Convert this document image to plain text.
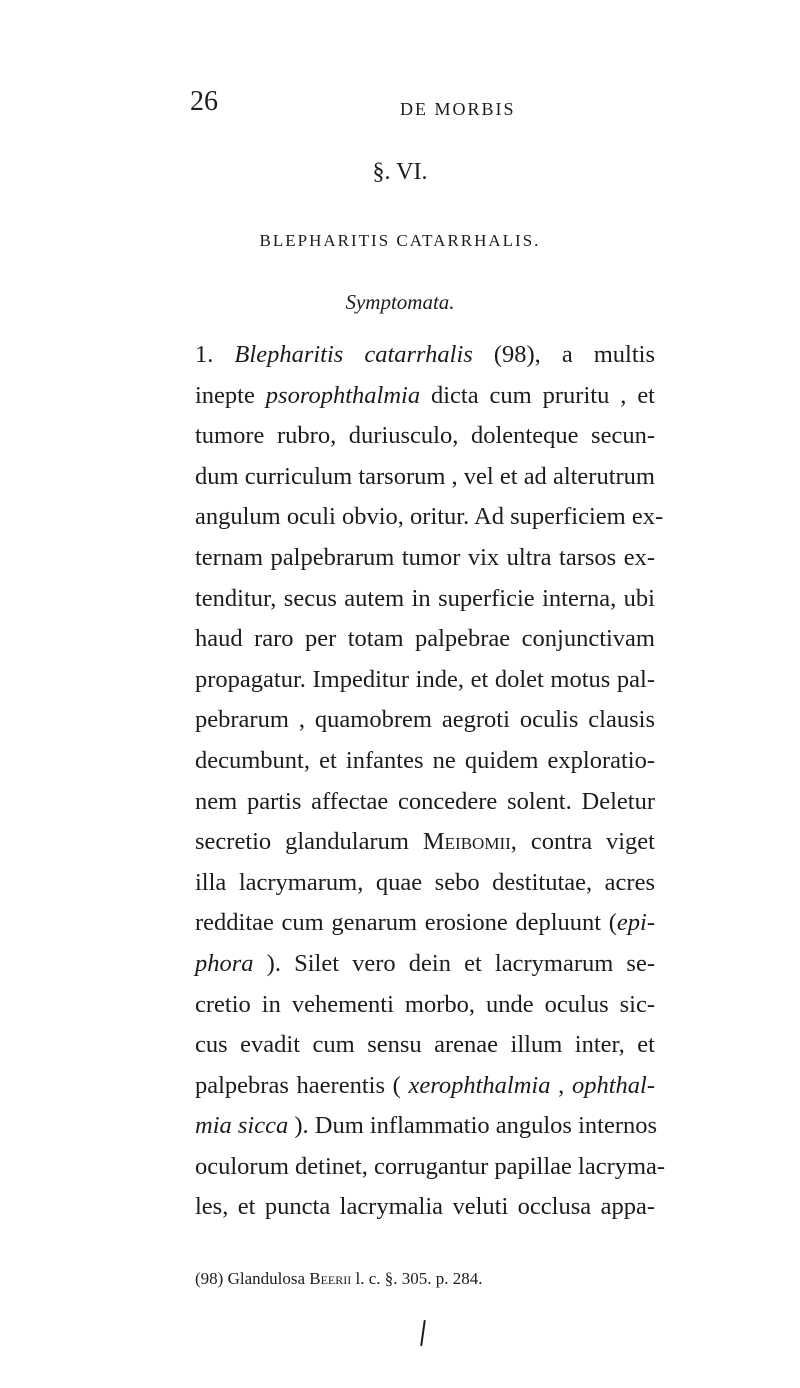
26	DE MORBIS
§. VI.
BLEPHARITIS CATARRHALIS.
Symptomata.
1. Blepharitis catarrhalis (98), a multis
inepte psorophthalmia dicta cum pruritu , et
tumore rubro, duriusculo, dolenteque secun-
dum curriculum tarsorum , vel et ad alterutrum
angulum oculi obvio, oritur. Ad superficiem ex-
ternam palpebrarum tumor vix ultra tarsos ex-
tenditur, secus autem in superficie interna, ubi
haud raro per totam palpebrae conjunctivam
propagatur. Impeditur inde, et dolet motus pal-
pebrarum , quamobrem aegroti oculis clausis
decumbunt, et infantes ne quidem exploratio-
nem partis affectae concedere solent. Deletur
secretio glandularum Meibomii, contra viget
illa lacrymarum, quae sebo destitutae, acres
redditae cum genarum erosione depluunt (epi-
phora ). Silet vero dein et lacrymarum se-
cretio in vehementi morbo, unde oculus sic-
cus evadit cum sensu arenae illum inter, et
palpebras haerentis ( xerophthalmia , ophthal-
mia sicca ). Dum inflammatio angulos internos
oculorum detinet, corrugantur papillae lacryma-
les, et puncta lacrymalia veluti occlusa appa-
(98) Glandulosa Beerii l. c. §. 305. p. 284.
